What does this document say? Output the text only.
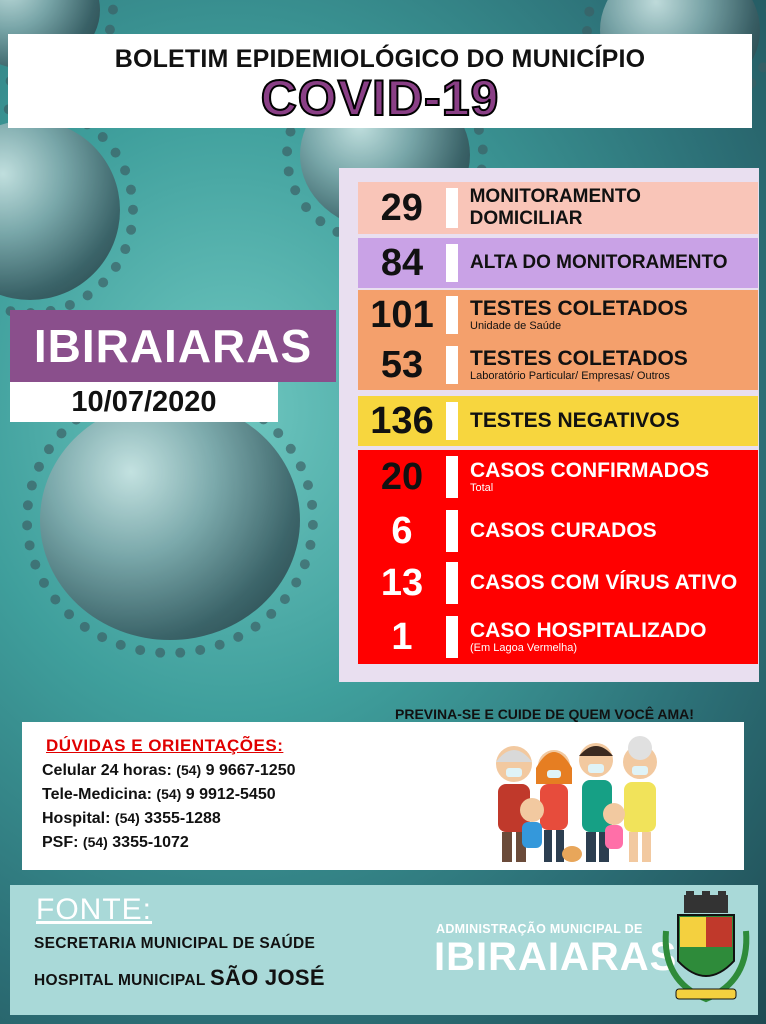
BOLETIM EPIDEMIOLÓGICO DO MUNICÍPIO
COVID-19
IBIRAIARAS
10/07/2020
29	MONITORAMENTO DOMICILIAR
84	ALTA DO MONITORAMENTO
101	TESTES COLETADOS
Unidade de Saúde
53	TESTES COLETADOS
Laboratório Particular/ Empresas/ Outros
136	TESTES NEGATIVOS
20	CASOS CONFIRMADOS
Total
6	CASOS CURADOS
13	CASOS COM VÍRUS ATIVO
1	CASO HOSPITALIZADO
(Em Lagoa Vermelha)
PREVINA-SE E CUIDE DE QUEM VOCÊ AMA!
DÚVIDAS E ORIENTAÇÕES:
Celular 24 horas: (54) 9 9667-1250
Tele-Medicina: (54) 9 9912-5450
Hospital: (54) 3355-1288
PSF: (54) 3355-1072
FONTE:
SECRETARIA MUNICIPAL DE SAÚDE
HOSPITAL MUNICIPAL SÃO JOSÉ
ADMINISTRAÇÃO MUNICIPAL DE
IBIRAIARAS
